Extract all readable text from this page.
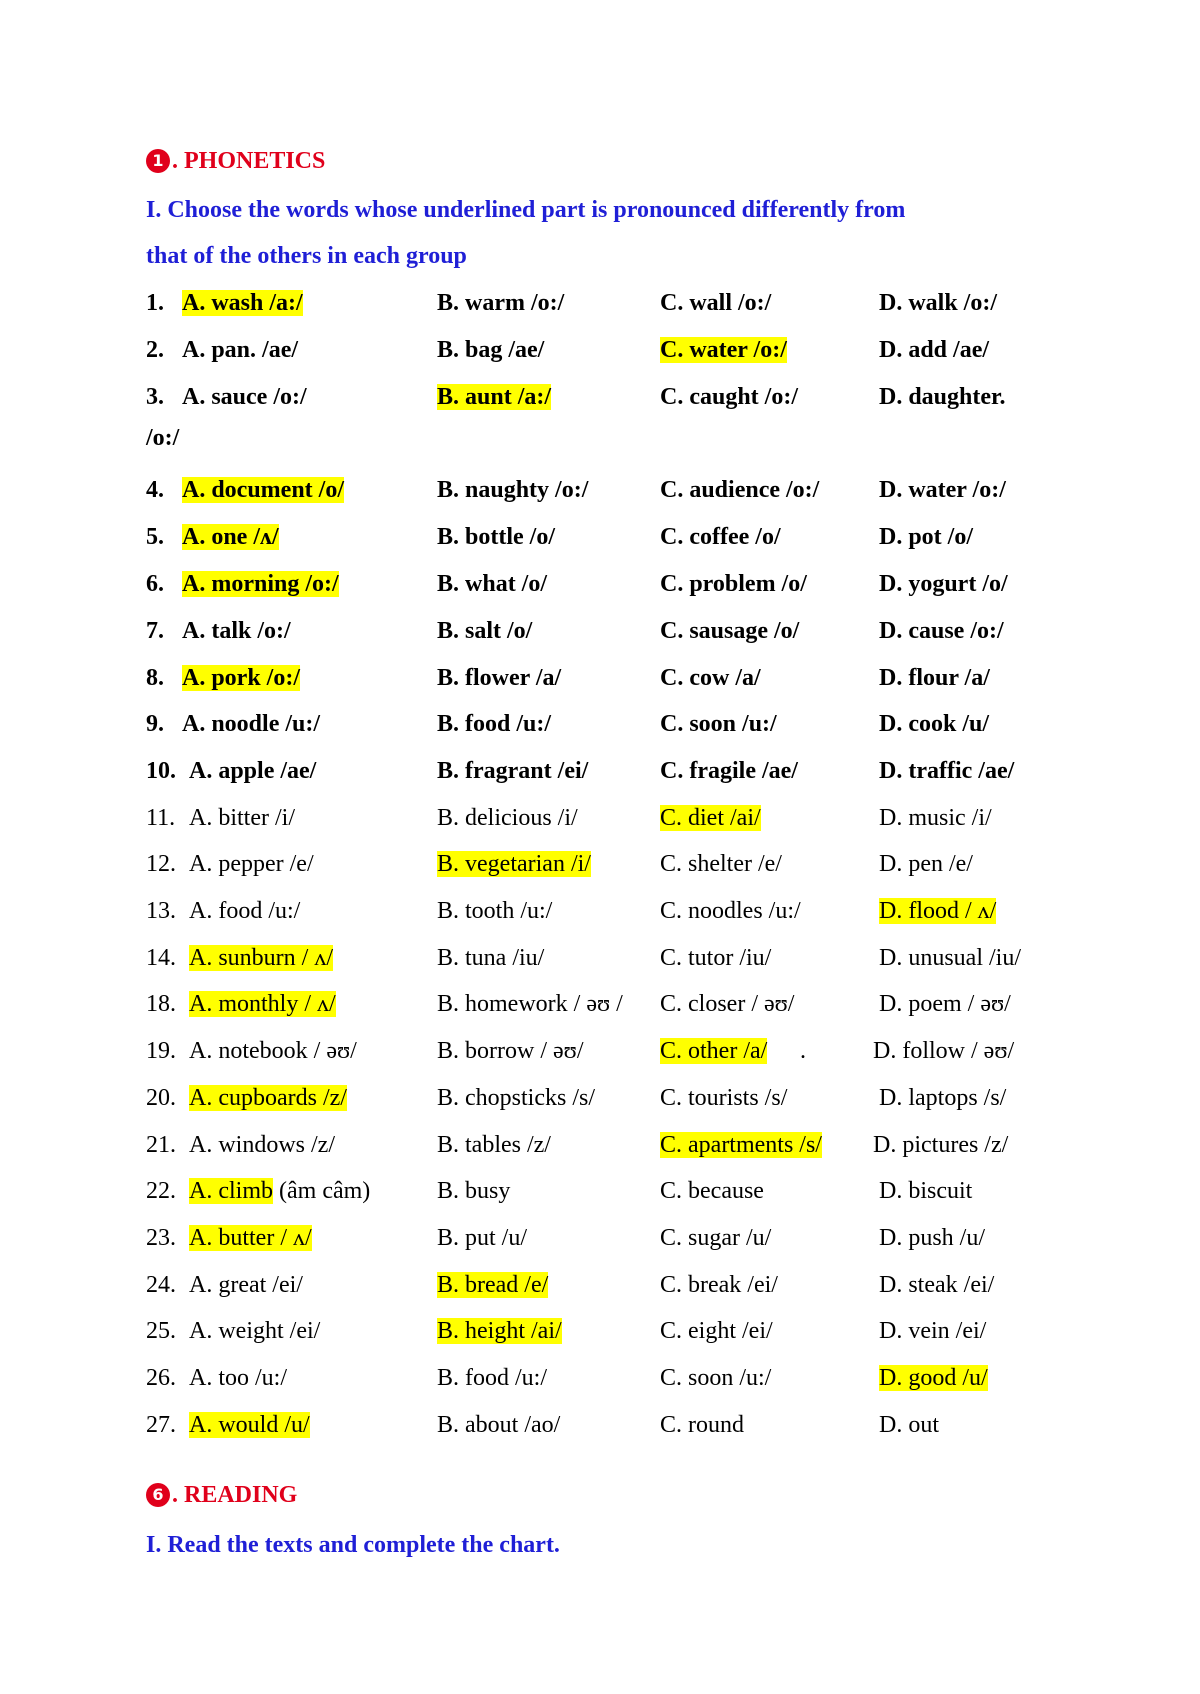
1 . PHONETICS
I. Choose the words whose underlined part is pronounced differently from
that of the others in each group
1. A. wash /a:/	B. warm /o:/	C. wall /o:/	D. walk /o:/
2. A. pan. /ae/	B. bag /ae/	C. water /o:/	D. add /ae/
3. A. sauce /o:/	B. aunt /a:/	C. caught /o:/	D. daughter.
4. A. document /o/	B. naughty /o:/	C. audience /o:/ D. water /o:/
5. A. one /ʌ/	B. bottle /o/	C. coffee /o/	D. pot /o/
6. A. morning /o:/	B. what /o/	C. problem /o/	D. yogurt /o/
7. A. talk /o:/	B. salt /o/	C. sausage /o/	D. cause /o:/
8. A. pork /o:/	B. flower /a/	C. cow /a/	D. flour /a/
9. A. noodle /u:/	B. food /u:/	C. soon /u:/	D. cook /u/
10. A. apple /ae/	B. fragrant /ei/	C. fragile /ae/	D. traffic /ae/
11. A. bitter /i/	B. delicious /i/	C. diet /ai/	D. music /i/
12. A. pepper /e/	B. vegetarian /i/	C. shelter /e/	D. pen /e/
13. A. food /u:/	B. tooth /u:/	C. noodles /u:/	D. flood / ʌ/
14. A. sunburn / ʌ/	B. tuna /iu/	C. tutor /iu/	D. unusual /iu/
18. A. monthly / ʌ/	B. homework / əʊ / C. closer / əʊ/	D. poem / əʊ/
19. A. notebook / əʊ/	B. borrow / əʊ/	C. other /a/	D. follow / əʊ/
.
20. A. cupboards /z/	B. chopsticks /s/	C. tourists /s/	D. laptops /s/
21. A. windows /z/	B. tables /z/	C. apartments /s/ D. pictures /z/
22. A. climb (âm câm)	B. busy	C. because	D. biscuit
23. A. butter / ʌ/	B. put /u/	C. sugar /u/	D. push /u/
24. A. great /ei/	B. bread /e/	C. break /ei/	D. steak /ei/
25. A. weight /ei/	B. height /ai/	C. eight /ei/	D. vein /ei/
26. A. too /u:/	B. food /u:/	C. soon /u:/	D. good /u/
27. A. would /u/	B. about /ao/	C. round	D. out
/o:/
6 . READING
I. Read the texts and complete the chart.
